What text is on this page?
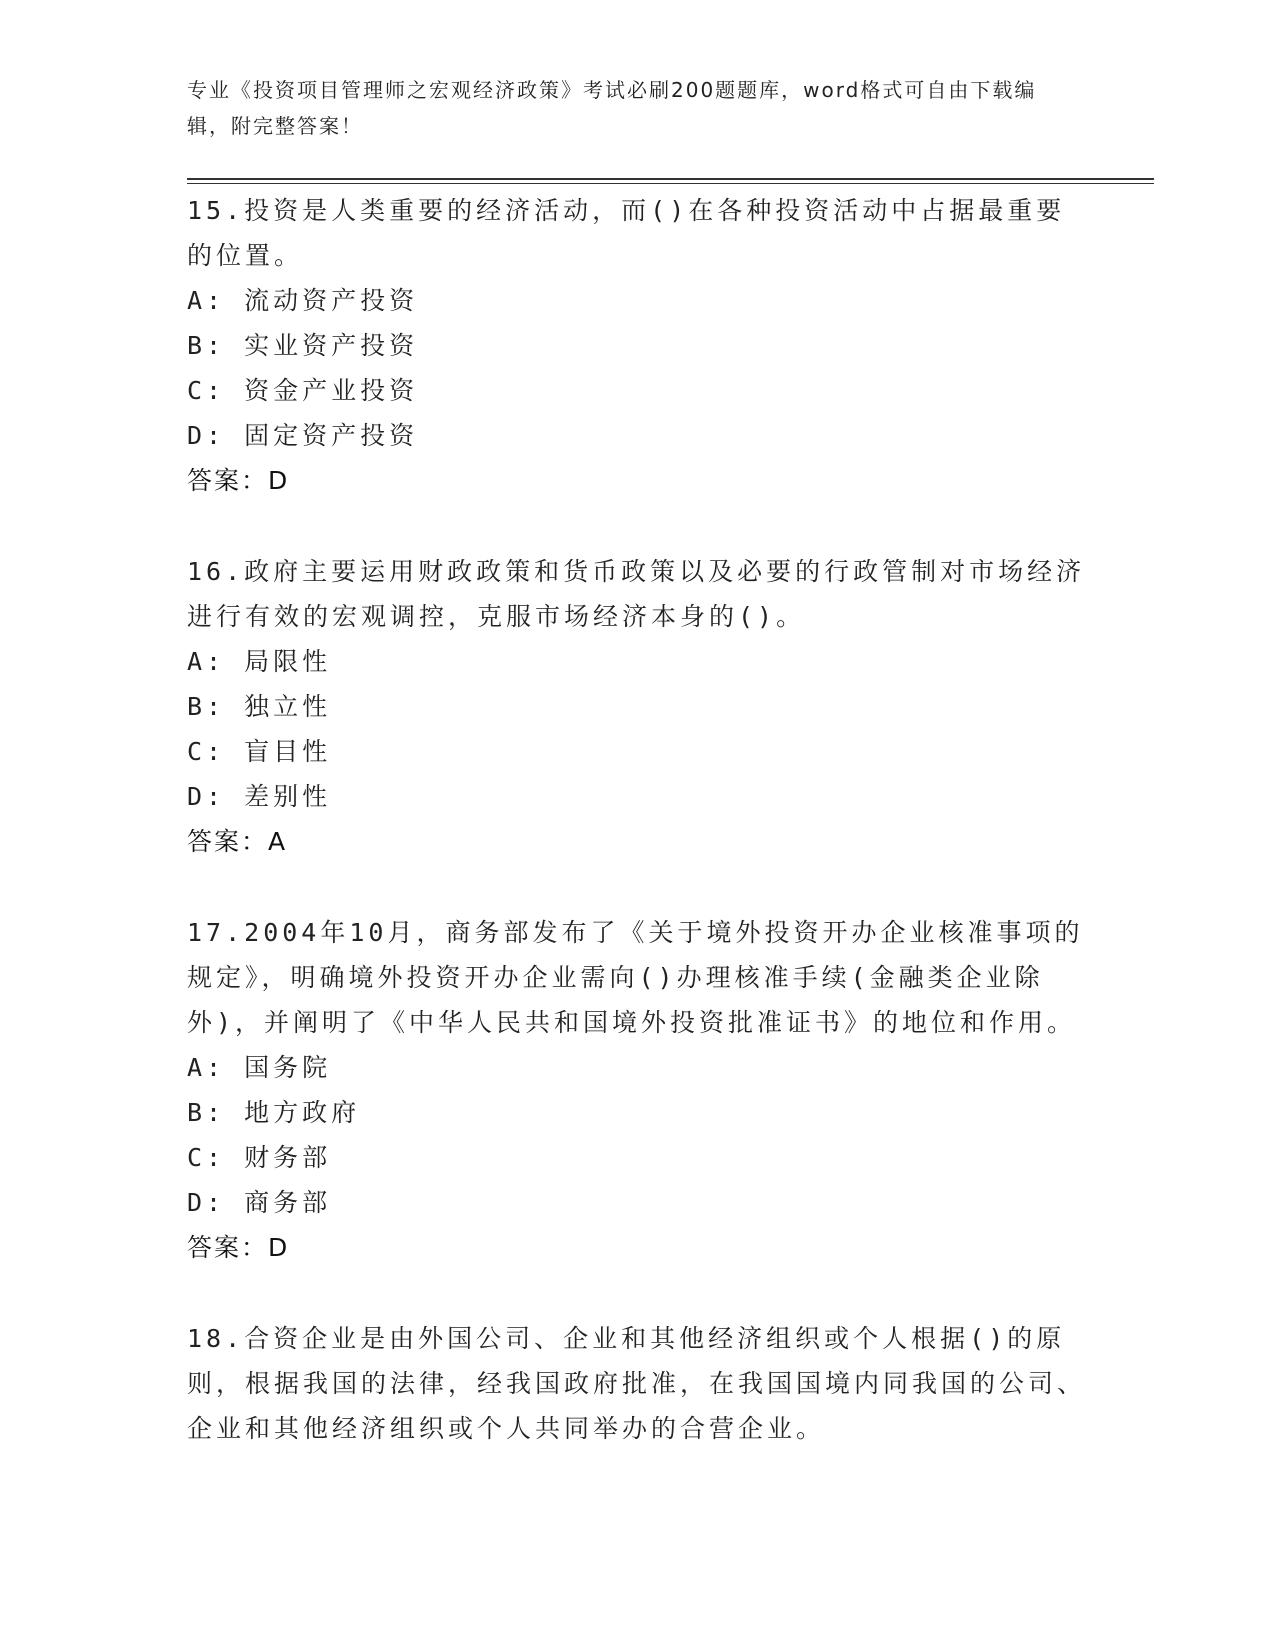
专业《投资项目管理师之宏观经济政策》考试必刷200题题库，word格式可自由下载编辑，附完整答案！
15.投资是人类重要的经济活动，而()在各种投资活动中占据最重要的位置。
A: 流动资产投资
B: 实业资产投资
C: 资金产业投资
D: 固定资产投资
答案：D
16.政府主要运用财政政策和货币政策以及必要的行政管制对市场经济进行有效的宏观调控，克服市场经济本身的()。
A: 局限性
B: 独立性
C: 盲目性
D: 差别性
答案：A
17.2004年10月，商务部发布了《关于境外投资开办企业核准事项的规定》，明确境外投资开办企业需向()办理核准手续(金融类企业除外)，并阐明了《中华人民共和国境外投资批准证书》的地位和作用。
A: 国务院
B: 地方政府
C: 财务部
D: 商务部
答案：D
18.合资企业是由外国公司、企业和其他经济组织或个人根据()的原则，根据我国的法律，经我国政府批准，在我国国境内同我国的公司、企业和其他经济组织或个人共同举办的合营企业。
